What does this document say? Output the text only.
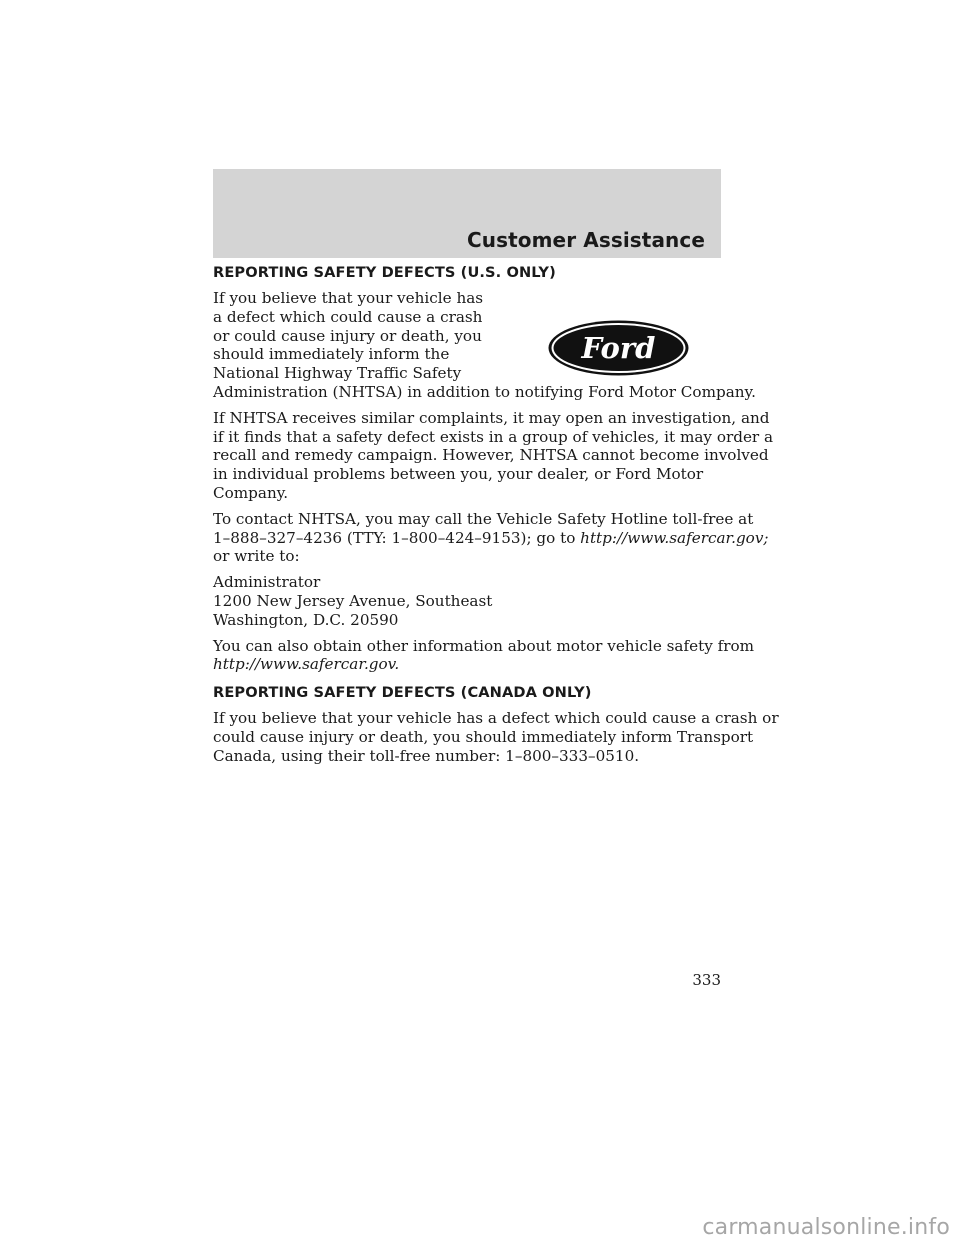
Customer Assistance
REPORTING SAFETY DEFECTS (U.S. ONLY)
Ford

If you believe that your vehicle has
a defect which could cause a crash
or could cause injury or death, you
should immediately inform the
National Highway Traffic Safety
Administration (NHTSA) in addition to notifying Ford Motor Company.

If NHTSA receives similar complaints, it may open an investigation, and
if it finds that a safety defect exists in a group of vehicles, it may order a
recall and remedy campaign. However, NHTSA cannot become involved
in individual problems between you, your dealer, or Ford Motor
Company.

To contact NHTSA, you may call the Vehicle Safety Hotline toll-free at
1–888–327–4236 (TTY: 1–800–424–9153); go to http://www.safercar.gov;
or write to:

Administrator

1200 New Jersey Avenue, Southeast

Washington, D.C. 20590

You can also obtain other information about motor vehicle safety from
http://www.safercar.gov.

REPORTING SAFETY DEFECTS (CANADA ONLY)

If you believe that your vehicle has a defect which could cause a crash or
could cause injury or death, you should immediately inform Transport
Canada, using their toll-free number: 1–800–333–0510.

333
carmanualsonline.info
